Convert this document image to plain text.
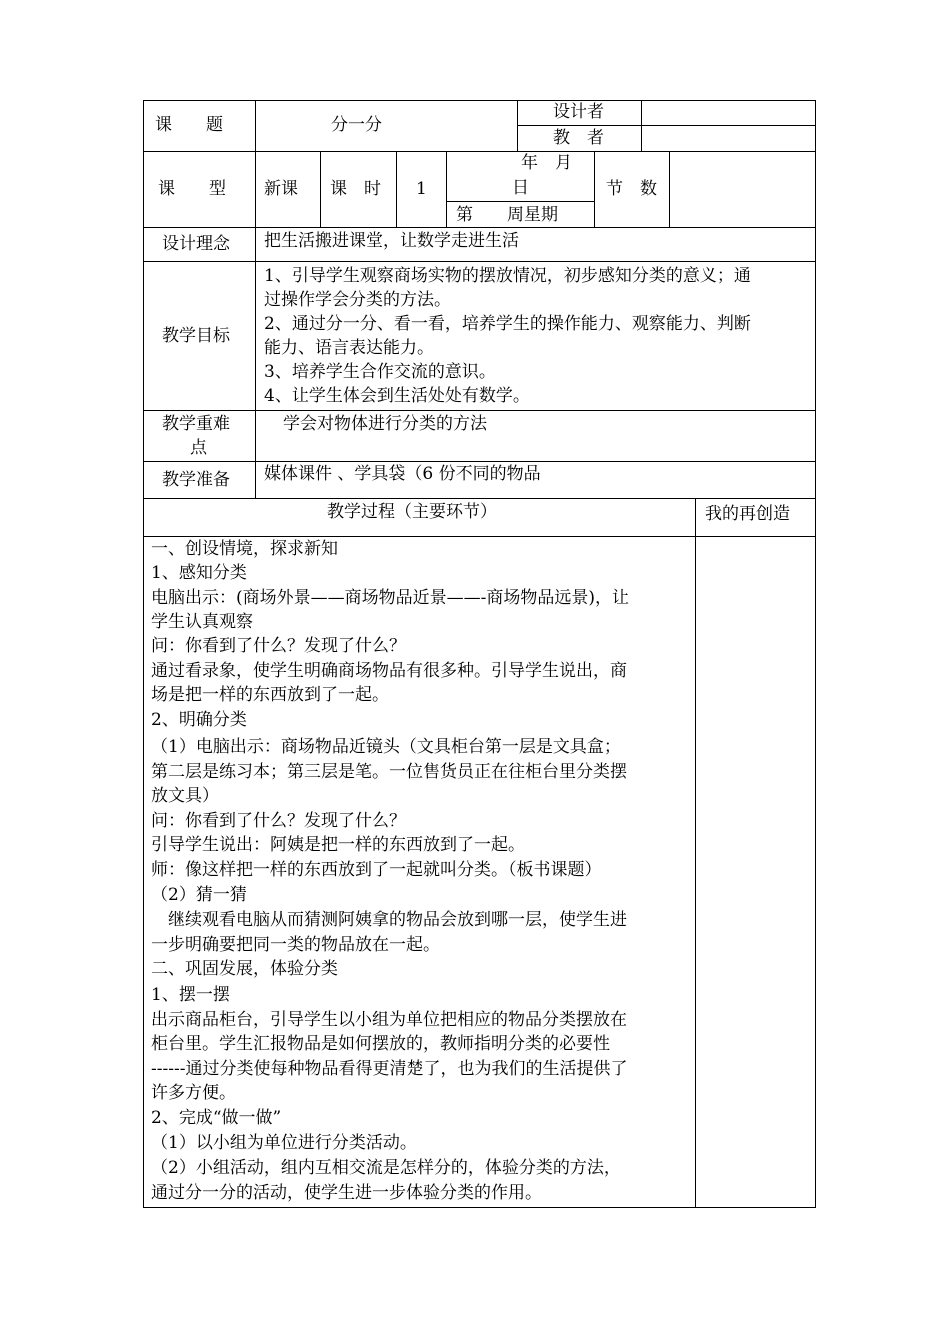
课　　题	分一分
设计者
教　者
课　　型 新课 课　时 1
年　月
日
第　　周星期
节　数
设计理念 把生活搬进课堂，让数学走进生活
教学目标
1、引导学生观察商场实物的摆放情况，初步感知分类的意义；通
过操作学会分类的方法。
2、通过分一分、看一看，培养学生的操作能力、观察能力、判断
能力、语言表达能力。
3、培养学生合作交流的意识。
4、让学生体会到生活处处有数学。
教学重难
点
学会对物体进行分类的方法
教学准备 媒体课件 、学具袋（6 份不同的物品
教学过程（主要环节）	我的再创造
一、创设情境，探求新知
1、感知分类
电脑出示：(商场外景——商场物品近景——-商场物品远景)，让
学生认真观察
问：你看到了什么？发现了什么？
通过看录象，使学生明确商场物品有很多种。引导学生说出，商
场是把一样的东西放到了一起。
2、明确分类
（1）电脑出示：商场物品近镜头（文具柜台第一层是文具盒；
第二层是练习本；第三层是笔。一位售货员正在往柜台里分类摆
放文具）
问：你看到了什么？发现了什么？
引导学生说出：阿姨是把一样的东西放到了一起。
师：像这样把一样的东西放到了一起就叫分类。（板书课题）
（2）猜一猜
继续观看电脑从而猜测阿姨拿的物品会放到哪一层，使学生进
一步明确要把同一类的物品放在一起。
二、巩固发展，体验分类
1、摆一摆
出示商品柜台，引导学生以小组为单位把相应的物品分类摆放在
柜台里。学生汇报物品是如何摆放的，教师指明分类的必要性
------通过分类使每种物品看得更清楚了，也为我们的生活提供了
许多方便。
2、完成“做一做”
（1）以小组为单位进行分类活动。
（2）小组活动，组内互相交流是怎样分的，体验分类的方法，
通过分一分的活动，使学生进一步体验分类的作用。
